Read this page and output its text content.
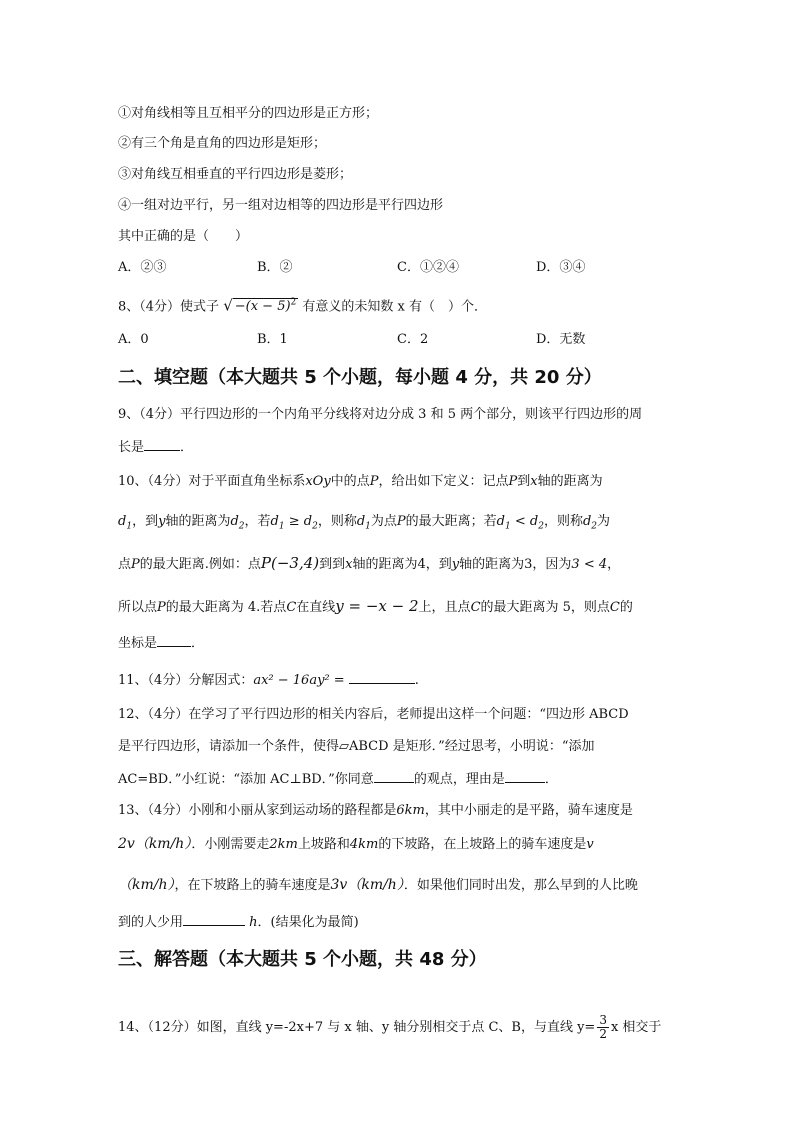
①对角线相等且互相平分的四边形是正方形；
②有三个角是直角的四边形是矩形；
③对角线互相垂直的平行四边形是菱形；
④一组对边平行，另一组对边相等的四边形是平行四边形
其中正确的是（　　）
A．②③	B．②	C．①②④	D．③④
8、（4分）使式子 √ $-(x - 5)^2$ 有意义的未知数 x 有（　）个．
A．0	B．1	C．2	D．无数
二、填空题（本大题共 5 个小题，每小题 4 分，共 20 分）
9、（4分）平行四边形的一个内角平分线将对边分成 3 和 5 两个部分，则该平行四边形的周
长是	．
10、（4分）对于平面直角坐标系xOy中的点P，给出如下定义：记点P到x轴的距离为
$d_1$，到y轴的距离为$d_2$，若$d_1 \ge d_2$，则称$d_1$为点P的最大距离；若$d_1 < d_2$，则称$d_2$为
点P的最大距离.例如：点P(−3,4)到到x轴的距离为4，到y轴的距离为3，因为3 < 4，
所以点P的最大距离为 4.若点C在直线y = −x − 2上，且点C的最大距离为 5，则点C的
坐标是	．
11、（4分）分解因式：ax² − 16ay² =	.
12、（4分）在学习了平行四边形的相关内容后，老师提出这样一个问题：“四边形 ABCD
是平行四边形，请添加一个条件，使得▱ABCD 是矩形．”经过思考，小明说：“添加
AC=BD．”小红说：“添加 AC⊥BD．”你同意	的观点，理由是	．
13、（4分）小刚和小丽从家到运动场的路程都是6km，其中小丽走的是平路，骑车速度是
2v（km/h）．小刚需要走2km上坡路和4km的下坡路，在上坡路上的骑车速度是v
（km/h），在下坡路上的骑车速度是3v（km/h）．如果他们同时出发，那么早到的人比晚
到的人少用	h．(结果化为最简)
三、解答题（本大题共 5 个小题，共 48 分）
14、（12分）如图，直线 y=-2x+7 与 x 轴、y 轴分别相交于点 C、B，与直线 $y= \frac{3}{2}$ x 相交于
